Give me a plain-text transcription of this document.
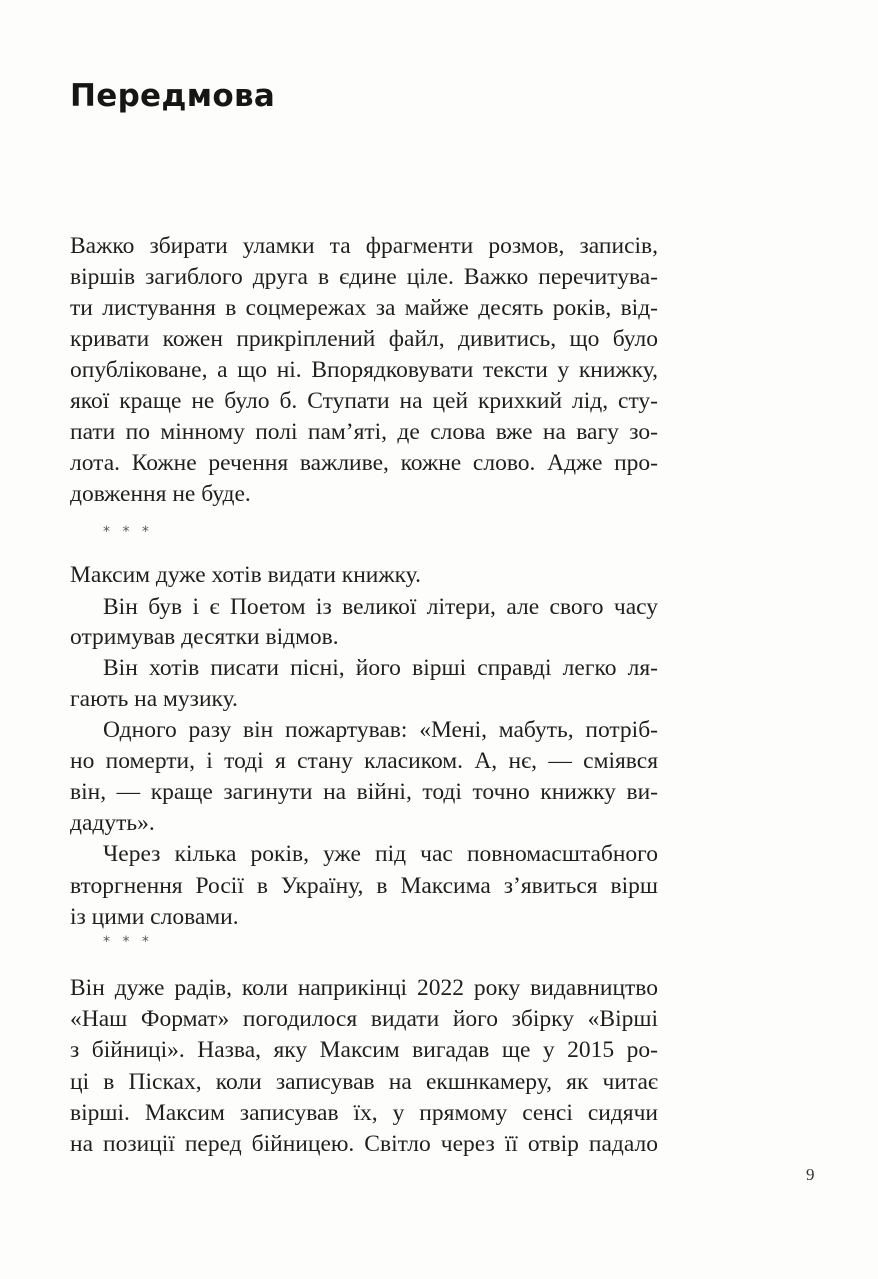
Передмова
Важко збирати уламки та фрагменти розмов, записів,
віршів загиблого друга в єдине ціле. Важко перечитува-
ти листування в соцмережах за майже десять років, від-
кривати кожен прикріплений файл, дивитись, що було
опубліковане, а що ні. Впорядковувати тексти у книжку,
якої краще не було б. Ступати на цей крихкий лід, сту-
пати по мінному полі пам’яті, де слова вже на вагу зо-
лота. Кожне речення важливе, кожне слово. Адже про-
довження не буде.
Максим дуже хотів видати книжку.
Він був і є Поетом із великої літери, але свого часу
отримував десятки відмов.
Він хотів писати пісні, його вірші справді легко ля-
гають на музику.
Одного разу він пожартував: «Мені, мабуть, потріб-
но померти, і тоді я стану класиком. А, нє, — сміявся
він, — краще загинути на війні, тоді точно книжку ви-
дадуть».
Через кілька років, уже під час повномасштабного
вторгнення Росії в Україну, в Максима з’явиться вірш
із цими словами.
Він дуже радів, коли наприкінці 2022 року видавництво
«Наш Формат» погодилося видати його збірку «Вірші
з бійниці». Назва, яку Максим вигадав ще у 2015 ро-
ці в Пісках, коли записував на екшнкамеру, як читає
вірші. Максим записував їх, у прямому сенсі сидячи
на позиції перед бійницею. Світло через її отвір падало
* * *
* * *
9
